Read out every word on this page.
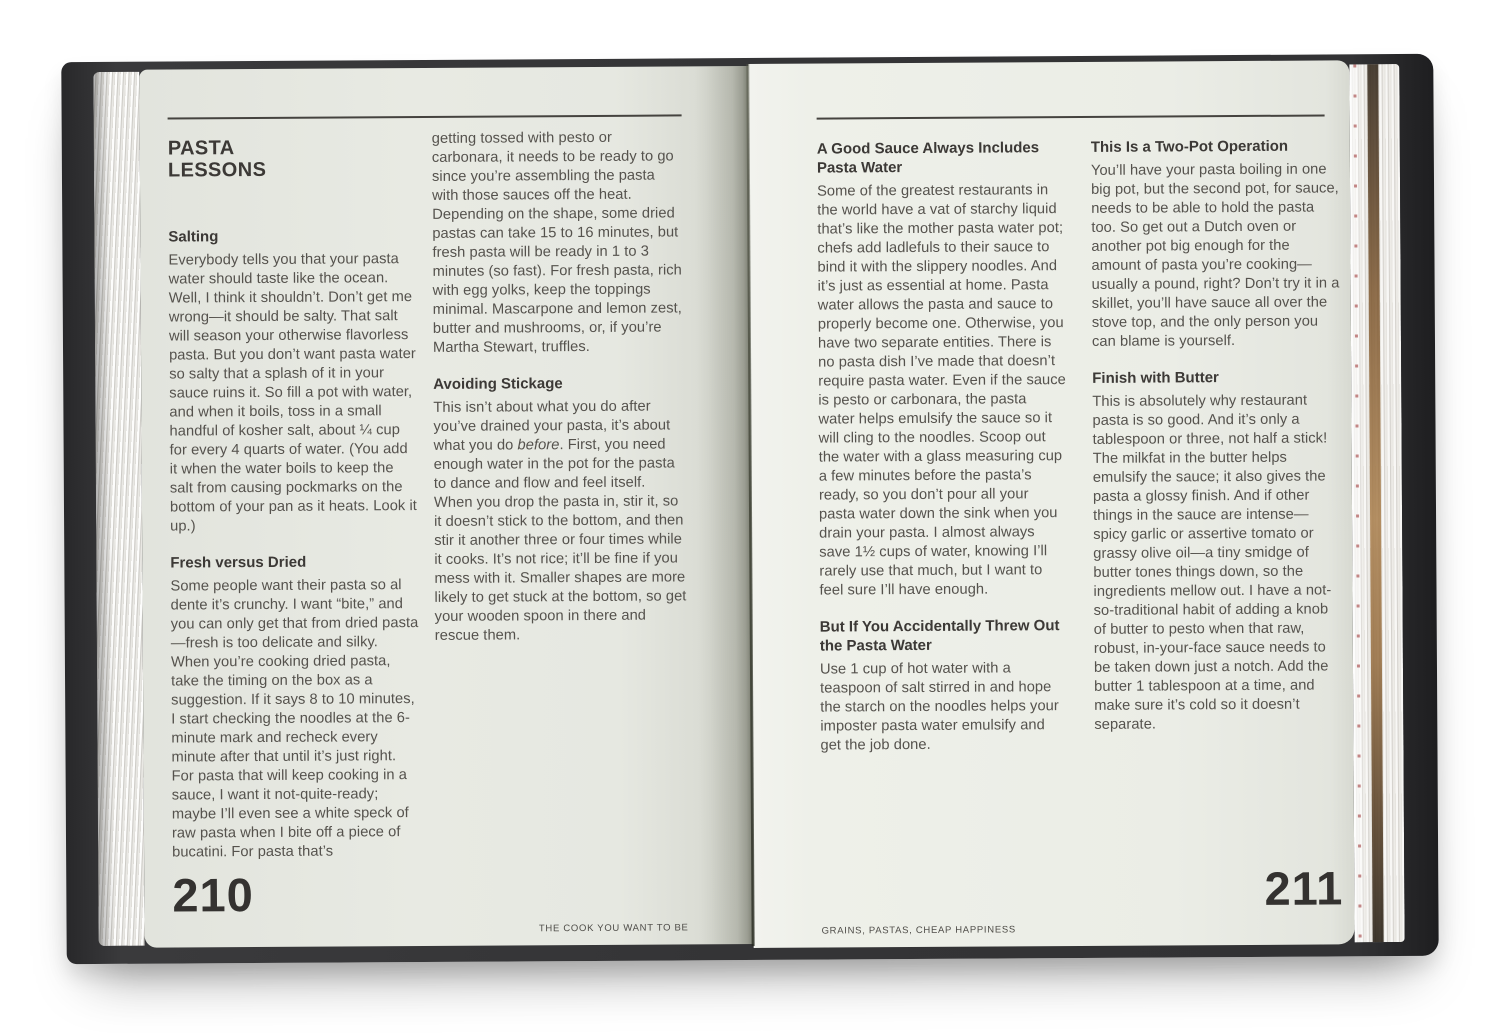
PASTA
LESSONS
Salting

Everybody tells you that your pasta water should taste like the ocean. Well, I think it shouldn’t. Don’t get me wrong—it should be salty. That salt will season your otherwise flavorless pasta. But you don’t want pasta water so salty that a splash of it in your sauce ruins it. So fill a pot with water, and when it boils, toss in a small handful of kosher salt, about ¼ cup for every 4 quarts of water. (You add it when the water boils to keep the salt from causing pockmarks on the bottom of your pan as it heats. Look it up.)

Fresh versus Dried

Some people want their pasta so al dente it’s crunchy. I want “bite,” and you can only get that from dried pasta—fresh is too delicate and silky. When you’re cooking dried pasta, take the timing on the box as a suggestion. If it says 8 to 10 minutes, I start checking the noodles at the 6-minute mark and recheck every minute after that until it’s just right. For pasta that will keep cooking in a sauce, I want it not-quite-ready; maybe I’ll even see a white speck of raw pasta when I bite off a piece of bucatini. For pasta that’s

getting tossed with pesto or carbonara, it needs to be ready to go since you’re assembling the pasta with those sauces off the heat. Depending on the shape, some dried pastas can take 15 to 16 minutes, but fresh pasta will be ready in 1 to 3 minutes (so fast). For fresh pasta, rich with egg yolks, keep the toppings minimal. Mascarpone and lemon zest, butter and mushrooms, or, if you’re Martha Stewart, truffles.

Avoiding Stickage

This isn’t about what you do after you’ve drained your pasta, it’s about what you do before. First, you need enough water in the pot for the pasta to dance and flow and feel itself. When you drop the pasta in, stir it, so it doesn’t stick to the bottom, and then stir it another three or four times while it cooks. It’s not rice; it’ll be fine if you mess with it. Smaller shapes are more likely to get stuck at the bottom, so get your wooden spoon in there and rescue them.

210
THE COOK YOU WANT TO BE
A Good Sauce Always Includes Pasta Water

Some of the greatest restaurants in the world have a vat of starchy liquid that’s like the mother pasta water pot; chefs add ladlefuls to their sauce to bind it with the slippery noodles. And it’s just as essential at home. Pasta water allows the pasta and sauce to properly become one. Otherwise, you have two separate entities. There is no pasta dish I’ve made that doesn’t require pasta water. Even if the sauce is pesto or carbonara, the pasta water helps emulsify the sauce so it will cling to the noodles. Scoop out the water with a glass measuring cup a few minutes before the pasta’s ready, so you don’t pour all your pasta water down the sink when you drain your pasta. I almost always save 1½ cups of water, knowing I’ll rarely use that much, but I want to feel sure I’ll have enough.

But If You Accidentally Threw Out the Pasta Water

Use 1 cup of hot water with a teaspoon of salt stirred in and hope the starch on the noodles helps your imposter pasta water emulsify and get the job done.

This Is a Two-Pot Operation

You’ll have your pasta boiling in one big pot, but the second pot, for sauce, needs to be able to hold the pasta too. So get out a Dutch oven or another pot big enough for the amount of pasta you’re cooking—usually a pound, right? Don’t try it in a skillet, you’ll have sauce all over the stove top, and the only person you can blame is yourself.

Finish with Butter

This is absolutely why restaurant pasta is so good. And it’s only a tablespoon or three, not half a stick! The milkfat in the butter helps emulsify the sauce; it also gives the pasta a glossy finish. And if other things in the sauce are intense—spicy garlic or assertive tomato or grassy olive oil—a tiny smidge of butter tones things down, so the ingredients mellow out. I have a not-so-traditional habit of adding a knob of butter to pesto when that raw, robust, in-your-face sauce needs to be taken down just a notch. Add the butter 1 tablespoon at a time, and make sure it’s cold so it doesn’t separate.

211
GRAINS, PASTAS, CHEAP HAPPINESS
